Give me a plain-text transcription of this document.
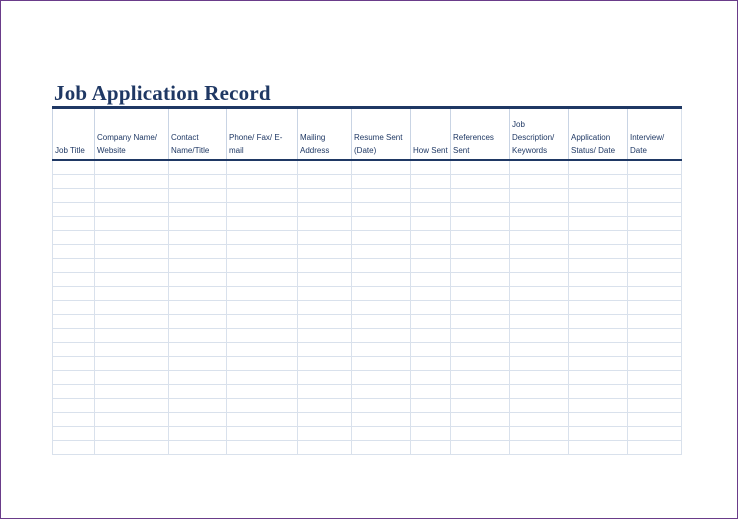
Job Application Record
Job Title	Company Name/ Website	Contact Name/Title	Phone/ Fax/ E-mail	Mailing Address	Resume Sent (Date)	How Sent	References Sent	Job Description/ Keywords	Application Status/ Date	Interview/ Date
